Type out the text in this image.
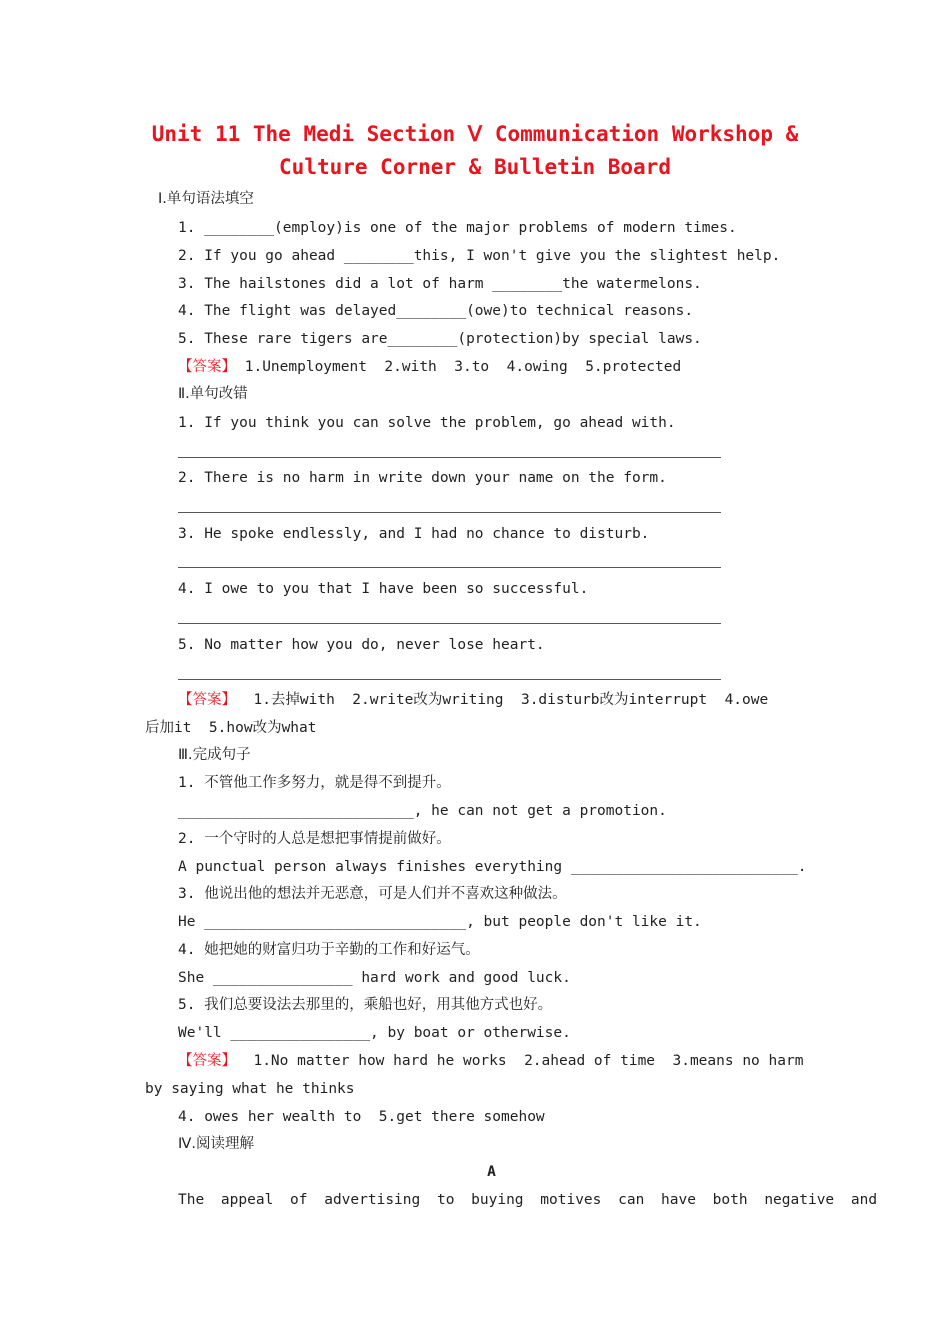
Unit 11 The Medi Section Ⅴ Communication Workshop &
Culture Corner & Bulletin Board
Ⅰ.单句语法填空
1. ________(employ)is one of the major problems of modern times.
2. If you go ahead ________this, I won't give you the slightest help.
3. The hailstones did a lot of harm ________the watermelons.
4. The flight was delayed________(owe)to technical reasons.
5. These rare tigers are________(protection)by special laws.
【答案】 1.Unemployment  2.with  3.to  4.owing  5.protected
Ⅱ.单句改错
1. If you think you can solve the problem, go ahead with.
2. There is no harm in write down your name on the form.
3. He spoke endlessly, and I had no chance to disturb.
4. I owe to you that I have been so successful.
5. No matter how you do, never lose heart.
【答案】  1.去掉with  2.write改为writing  3.disturb改为interrupt  4.owe
后加it  5.how改为what
Ⅲ.完成句子
1. 不管他工作多努力，就是得不到提升。
___________________________, he can not get a promotion.
2. 一个守时的人总是想把事情提前做好。
A punctual person always finishes everything __________________________.
3. 他说出他的想法并无恶意，可是人们并不喜欢这种做法。
He ______________________________, but people don't like it.
4. 她把她的财富归功于辛勤的工作和好运气。
She ________________ hard work and good luck.
5. 我们总要设法去那里的，乘船也好，用其他方式也好。
We'll ________________, by boat or otherwise.
【答案】  1.No matter how hard he works  2.ahead of time  3.means no harm
by saying what he thinks
4. owes her wealth to  5.get there somehow
Ⅳ.阅读理解
A
The appeal of advertising to buying motives can have both negative and
